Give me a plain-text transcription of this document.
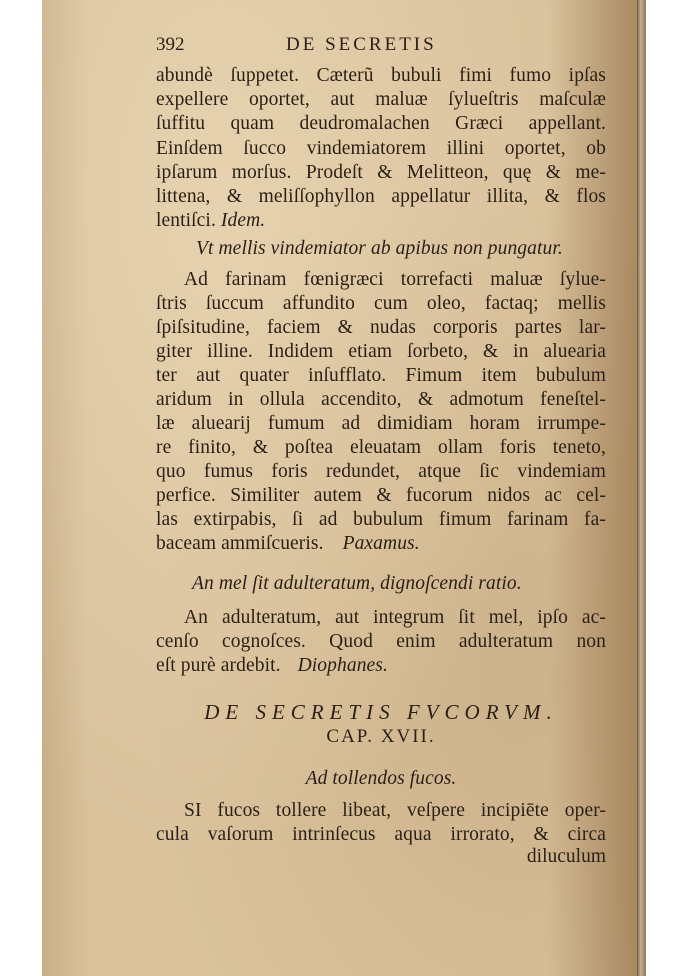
392	DE SECRETIS
abundè ſuppetet. Cæterũ bubuli fimi fumo ipſas
expellere oportet, aut maluæ ſylueſtris maſculæ
ſuffitu quam deudromalachen Græci appellant.
Einſdem ſucco vindemiatorem illini oportet, ob
ipſarum morſus. Prodeſt & Melitteon, quę & me-
littena, & meliſſophyllon appellatur illita, & flos
lentiſci. Idem.
Vt mellis vindemiator ab apibus non pungatur.
Ad farinam fœnigræci torrefacti maluæ ſylue-
ſtris ſuccum affundito cum oleo, factaq; mellis
ſpiſsitudine, faciem & nudas corporis partes lar-
giter illine. Indidem etiam ſorbeto, & in aluearia
ter aut quater inſufflato. Fimum item bubulum
aridum in ollula accendito, & admotum feneſtel-
læ aluearij fumum ad dimidiam horam irrumpe-
re finito, & poſtea eleuatam ollam foris teneto,
quo fumus foris redundet, atque ſic vindemiam
perfice. Similiter autem & fucorum nidos ac cel-
las extirpabis, ſi ad bubulum fimum farinam fa-
baceam ammiſcueris. Paxamus.
An mel ſit adulteratum, dignoſcendi ratio.
An adulteratum, aut integrum ſit mel, ipſo ac-
cenſo cognoſces. Quod enim adulteratum non
eſt purè ardebit. Diophanes.
DE SECRETIS FVCORVM.
CAP. XVII.
Ad tollendos fucos.
SI fucos tollere libeat, veſpere incipiēte oper-
cula vaſorum intrinſecus aqua irrorato, & circa
diluculum
